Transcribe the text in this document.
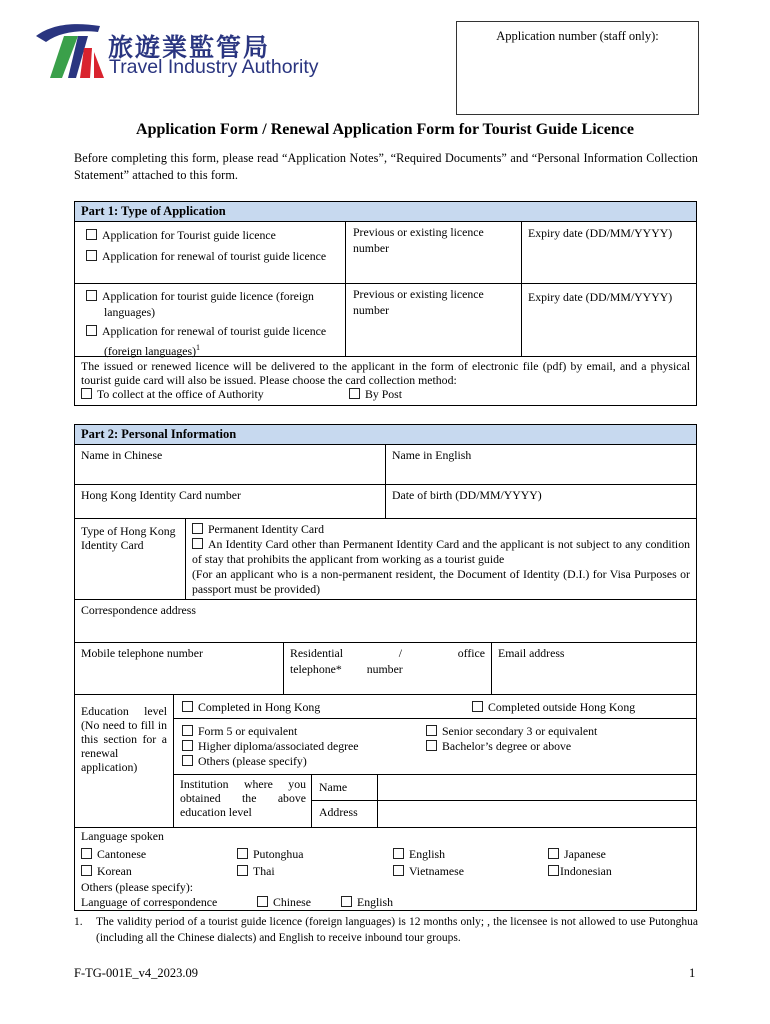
旅遊業監管局
Travel Industry Authority
Application number (staff only):
Application Form / Renewal Application Form for Tourist Guide Licence
Before completing this form, please read “Application Notes”, “Required Documents” and “Personal Information Collection Statement” attached to this form.
Part 1: Type of Application
Application for Tourist guide licence
Application for renewal of tourist guide licence
Previous or existing licence number
Expiry date (DD/MM/YYYY)
Application for tourist guide licence (foreign languages)
Application for renewal of tourist guide licence (foreign languages)$^1$
Previous or existing licence number
Expiry date (DD/MM/YYYY)
The issued or renewed licence will be delivered to the applicant in the form of electronic file (pdf) by email, and a physical tourist guide card will also be issued. Please choose the card collection method:
To collect at the office of Authority	By Post
Part 2: Personal Information
Name in Chinese	Name in English
Hong Kong Identity Card number	Date of birth (DD/MM/YYYY)
Type of Hong Kong Identity Card
Permanent Identity Card
An Identity Card other than Permanent Identity Card and the applicant is not subject to any condition of stay that prohibits the applicant from working as a tourist guide
(For an applicant who is a non-permanent resident, the Document of Identity (D.I.) for Visa Purposes or passport must be provided)
Correspondence address
Mobile telephone number	Residential / office telephone* number
Email address
Education level (No need to fill in this section for a renewal application)
Completed in Hong Kong	Completed outside Hong Kong
Form 5 or equivalent	Senior secondary 3 or equivalent
Higher diploma/associated degree	Bachelor’s degree or above
Others (please specify)
Institution where you obtained the above education level
Name
Address
Language spoken
Cantonese	Putonghua	English	Japanese
Korean	Thai	Vietnamese	Indonesian
Others (please specify):
Language of correspondence	Chinese	English
1. The validity period of a tourist guide licence (foreign languages) is 12 months only; , the licensee is not allowed to use Putonghua (including all the Chinese dialects) and English to receive inbound tour groups.
F-TG-001E_v4_2023.09	1
